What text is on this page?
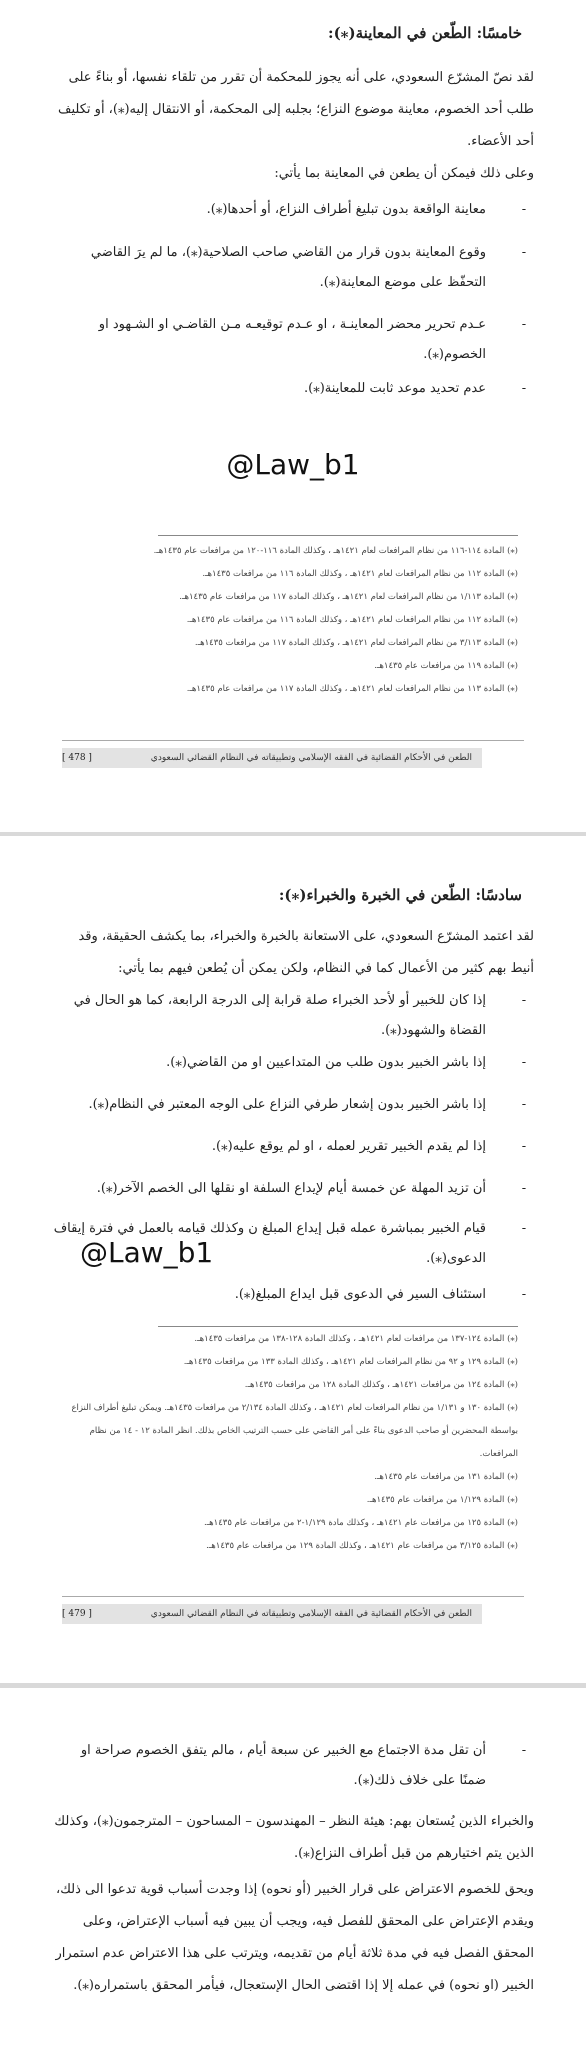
خامسًا: الطّعن في المعاينة(⁎):
لقد نصّ المشرّع السعودي، على أنه يجوز للمحكمة أن تقرر من تلقاء نفسها، أو بناءً على طلب أحد الخصوم، معاينة موضوع النزاع؛ بجلبه إلى المحكمة، أو الانتقال إليه(⁎)، أو تكليف أحد الأعضاء.
وعلى ذلك فيمكن أن يطعن في المعاينة بما يأتي:
-
معاينة الواقعة بدون تبليغ أطراف النزاع، أو أحدها(⁎).
-
وقوع المعاينة بدون قرار من القاضي صاحب الصلاحية(⁎)، ما لم يرَ القاضي التحفّظ على موضع المعاينة(⁎).
-
عـدم تحرير محضر المعاينـة ، او عـدم توقيعـه مـن القاضـي او الشـهود او الخصوم(⁎).
-
عدم تحديد موعد ثابت للمعاينة(⁎).
@Law_b1
(⁎) المادة ١١٤-١١٦ من نظام المرافعات لعام ١٤٢١هـ ، وكذلك المادة ١١٦-١٢٠ من مرافعات عام ١٤٣٥هـ.
(⁎) المادة ١١٢ من نظام المرافعات لعام ١٤٢١هـ ، وكذلك المادة ١١٦ من مرافعات ١٤٣٥هـ.
(⁎) المادة ١/١١٣ من نظام المرافعات لعام ١٤٢١هـ ، وكذلك المادة ١١٧ من مرافعات عام ١٤٣٥هـ.
(⁎) المادة ١١٢ من نظام المرافعات لعام ١٤٢١هـ ، وكذلك المادة ١١٦ من مرافعات عام ١٤٣٥هـ.
(⁎) المادة ٣/١١٣ من نظام المرافعات لعام ١٤٢١هـ ، وكذلك المادة ١١٧ من مرافعات ١٤٣٥هـ.
(⁎) المادة ١١٩ من مرافعات عام ١٤٣٥هـ.
(⁎) المادة ١١٣ من نظام المرافعات لعام ١٤٢١هـ ، وكذلك المادة ١١٧ من مرافعات عام ١٤٣٥هـ.
الطعن في الأحكام القضائية في الفقه الإسلامي وتطبيقاته في النظام القضائي السعودي
[ 478 ]
سادسًا: الطّعن في الخبرة والخبراء(⁎):
لقد اعتمد المشرّع السعودي، على الاستعانة بالخبرة والخبراء، بما يكشف الحقيقة، وقد أنيط بهم كثير من الأعمال كما في النظام، ولكن يمكن أن يُطعن فيهم بما يأتي:
-
إذا كان للخبير أو لأحد الخبراء صلة قرابة إلى الدرجة الرابعة، كما هو الحال في القضاة والشهود(⁎).
-
إذا باشر الخبير بدون طلب من المتداعيين او من القاضي(⁎).
-
إذا باشر الخبير بدون إشعار طرفي النزاع على الوجه المعتبر في النظام(⁎).
-
إذا لم يقدم الخبير تقرير لعمله ، او لم يوقع عليه(⁎).
-
أن تزيد المهلة عن خمسة أيام لإيداع السلفة او نقلها الى الخصم الآخر(⁎).
-
قيام الخبير بمباشرة عمله قبل إيداع المبلغ ن وكذلك قيامه بالعمل في فترة إيقاف الدعوى(⁎).
@Law_b1
-
استئناف السير في الدعوى قبل ايداع المبلغ(⁎).
(⁎) المادة ١٢٤-١٣٧ من مرافعات لعام ١٤٢١هـ ، وكذلك المادة ١٢٨-١٣٨ من مرافعات ١٤٣٥هـ.
(⁎) المادة ١٢٩ و ٩٢ من نظام المرافعات لعام ١٤٢١هـ ، وكذلك المادة ١٣٣ من مرافعات ١٤٣٥هـ.
(⁎) المادة ١٢٤ من مرافعات ١٤٢١هـ ، وكذلك المادة ١٢٨ من مرافعات ١٤٣٥هـ.
(⁎) المادة ١٣٠ و ١/١٣١ من نظام المرافعات لعام ١٤٢١هـ ، وكذلك المادة ٢/١٣٤ من مرافعات ١٤٣٥هـ. ويمكن تبليغ أطراف النزاع بواسطة المحضرين أو صاحب الدعوى بناءً على أمر القاضي على حسب الترتيب الخاص بذلك. انظر المادة ١٢ - ١٤ من نظام المرافعات.
(⁎) المادة ١٣١ من مرافعات عام ١٤٣٥هـ.
(⁎) المادة ١/١٢٩ من مرافعات عام ١٤٣٥هـ.
(⁎) المادة ١٢٥ من مرافعات عام ١٤٢١هـ ، وكذلك مادة ١/١٢٩-٢ من مرافعات عام ١٤٣٥هـ.
(⁎) المادة ٣/١٢٥ من مرافعات عام ١٤٢١هـ ، وكذلك المادة ١٢٩ من مرافعات عام ١٤٣٥هـ.
الطعن في الأحكام القضائية في الفقه الإسلامي وتطبيقاته في النظام القضائي السعودي
[ 479 ]
-
أن تقل مدة الاجتماع مع الخبير عن سبعة أيام ، مالم يتفق الخصوم صراحة او ضمنًا على خلاف ذلك(⁎).
والخبراء الذين يُستعان بهم: هيئة النظر – المهندسون – المساحون – المترجمون(⁎)، وكذلك الذين يتم اختيارهم من قبل أطراف النزاع(⁎).
ويحق للخصوم الاعتراض على قرار الخبير (أو نحوه) إذا وجدت أسباب قوية تدعوا الى ذلك، ويقدم الإعتراض على المحقق للفصل فيه، ويجب أن يبين فيه أسباب الإعتراض، وعلى المحقق الفصل فيه في مدة ثلاثة أيام من تقديمه، ويترتب على هذا الاعتراض عدم استمرار الخبير (او نحوه) في عمله إلا إذا اقتضى الحال الإستعجال، فيأمر المحقق باستمراره(⁎).
